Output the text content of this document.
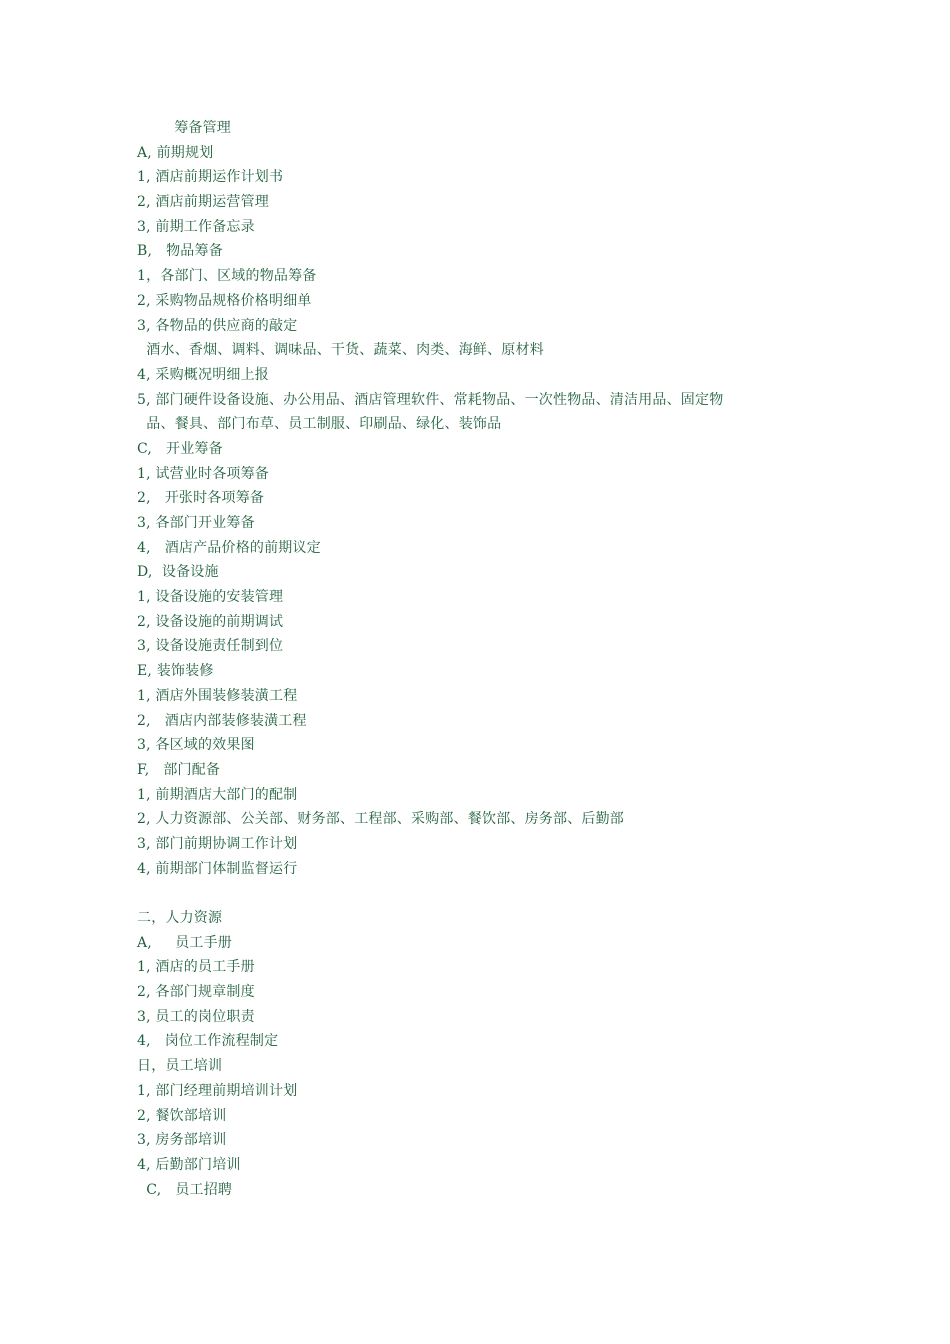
筹备管理
A, 前期规划
1, 酒店前期运作计划书
2, 酒店前期运营管理
3, 前期工作备忘录
B,   物品筹备
1，各部门、区域的物品筹备
2, 采购物品规格价格明细单
3, 各物品的供应商的敲定
酒水、香烟、调料、调味品、干货、蔬菜、肉类、海鲜、原材料
4, 采购概况明细上报
5, 部门硬件设备设施、办公用品、酒店管理软件、常耗物品、一次性物品、清洁用品、固定物
品、餐具、部门布草、员工制服、印刷品、绿化、装饰品
C,   开业筹备
1, 试营业时各项筹备
2,   开张时各项筹备
3, 各部门开业筹备
4,   酒店产品价格的前期议定
D,  设备设施
1, 设备设施的安装管理
2, 设备设施的前期调试
3, 设备设施责任制到位
E, 装饰装修
1, 酒店外围装修装潢工程
2,   酒店内部装修装潢工程
3, 各区域的效果图
F,   部门配备
1, 前期酒店大部门的配制
2, 人力资源部、公关部、财务部、工程部、采购部、餐饮部、房务部、后勤部
3, 部门前期协调工作计划
4, 前期部门体制监督运行
二，人力资源
A,     员工手册
1, 酒店的员工手册
2, 各部门规章制度
3, 员工的岗位职责
4,   岗位工作流程制定
日，员工培训
1, 部门经理前期培训计划
2, 餐饮部培训
3, 房务部培训
4, 后勤部门培训
C,   员工招聘
